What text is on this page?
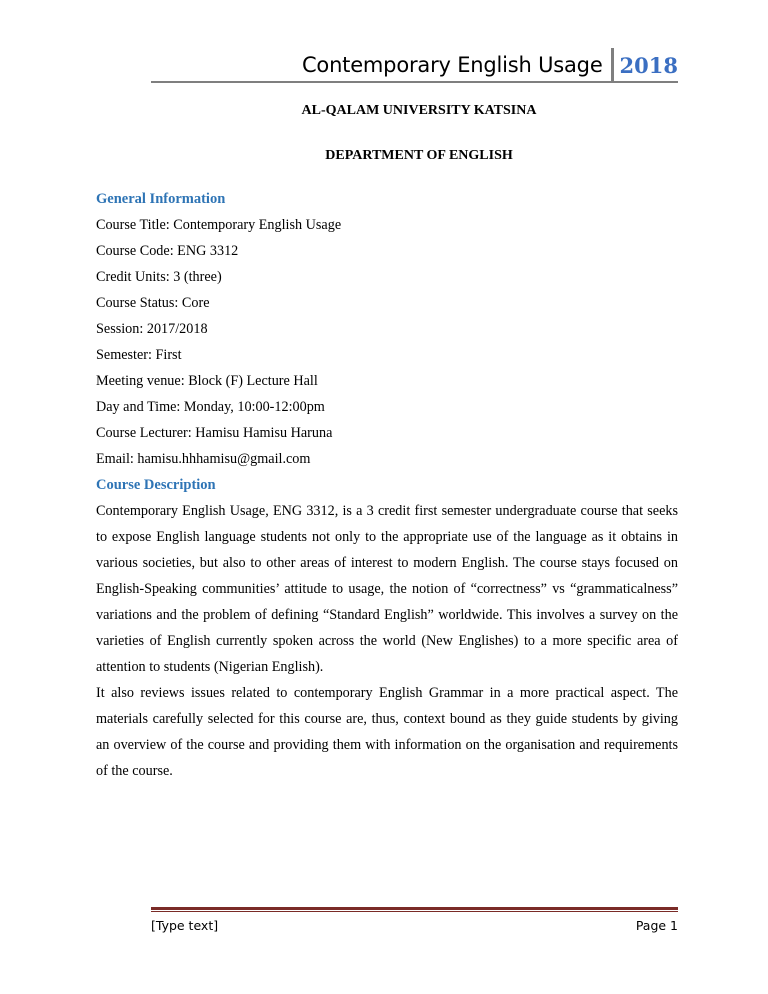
Contemporary English Usage 2018
AL-QALAM UNIVERSITY KATSINA
DEPARTMENT OF ENGLISH
General Information
Course Title: Contemporary English Usage
Course Code: ENG 3312
Credit Units: 3 (three)
Course Status: Core
Session: 2017/2018
Semester: First
Meeting venue: Block (F) Lecture Hall
Day and Time: Monday, 10:00-12:00pm
Course Lecturer: Hamisu Hamisu Haruna
Email: hamisu.hhhamisu@gmail.com
Course Description

Contemporary English Usage, ENG 3312, is a 3 credit first semester undergraduate course that seeks to expose English language students not only to the appropriate use of the language as it obtains in various societies, but also to other areas of interest to modern English. The course stays focused on English-Speaking communities’ attitude to usage, the notion of “correctness” vs “grammaticalness” variations and the problem of defining “Standard English” worldwide. This involves a survey on the varieties of English currently spoken across the world (New Englishes) to a more specific area of attention to students (Nigerian English).

It also reviews issues related to contemporary English Grammar in a more practical aspect. The materials carefully selected for this course are, thus, context bound as they guide students by giving an overview of the course and providing them with information on the organisation and requirements of the course.

[Type text]	Page 1
